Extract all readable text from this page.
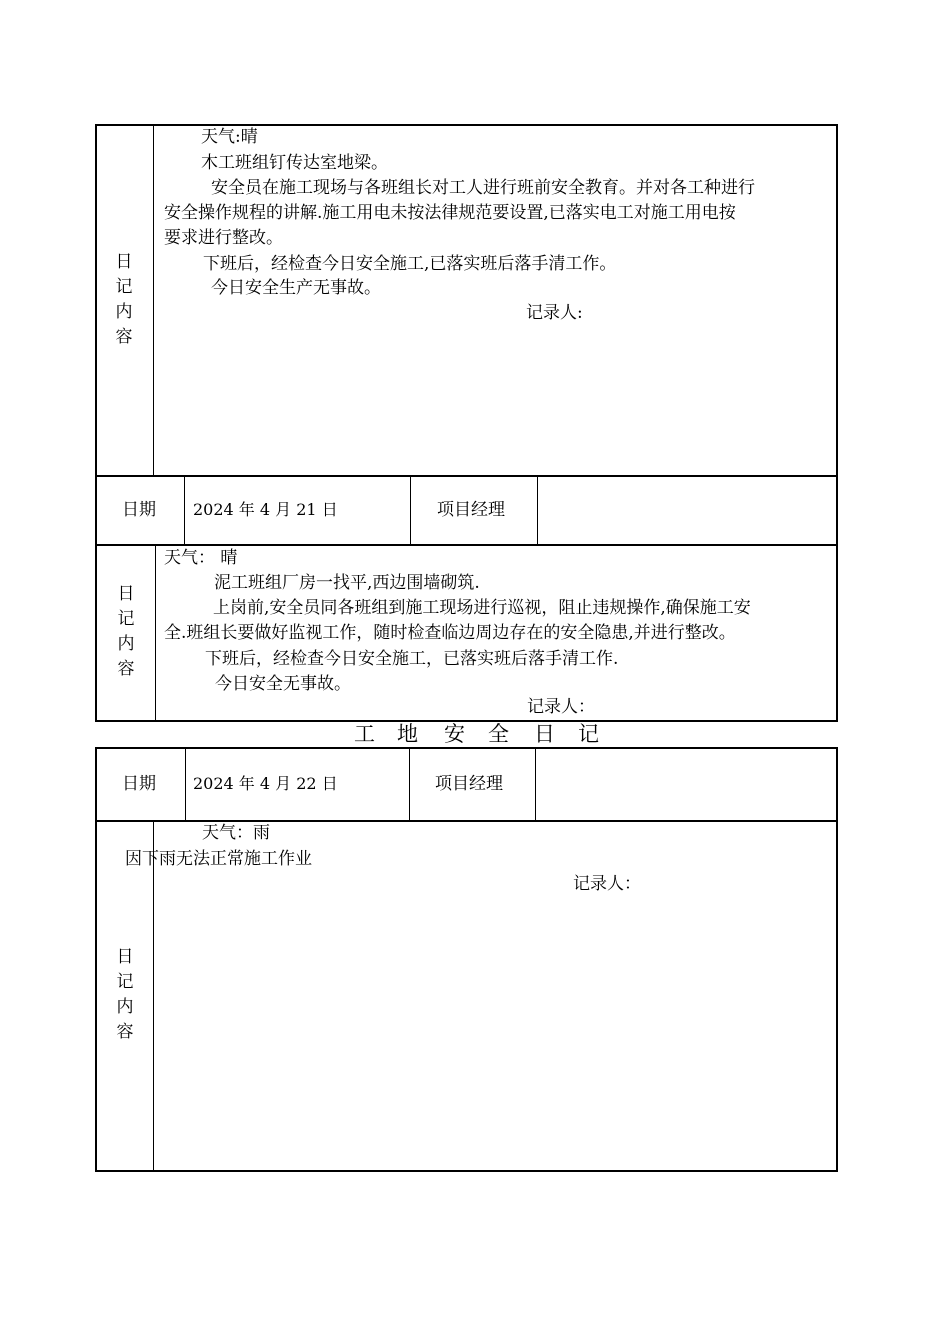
日
记
内
容
天气:晴
木工班组钉传达室地梁。
安全员在施工现场与各班组长对工人进行班前安全教育。并对各工种进行
安全操作规程的讲解.施工用电未按法律规范要设置,已落实电工对施工用电按
要求进行整改。
下班后，经检查今日安全施工,已落实班后落手清工作。
今日安全生产无事故。
记录人:
日期 2024 年 4 月 21 日	项目经理
日
记
内
容
天气： 晴
泥工班组厂房一找平,西边围墙砌筑.
上岗前,安全员同各班组到施工现场进行巡视，阻止违规操作,确保施工安
全.班组长要做好监视工作，随时检查临边周边存在的安全隐患,并进行整改。
下班后，经检查今日安全施工，已落实班后落手清工作.
今日安全无事故。
记录人：
工 地 安 全 日 记
日期 2024 年 4 月 22 日	项目经理
日
记
内
容
天气：雨
因下雨无法正常施工作业
记录人：
